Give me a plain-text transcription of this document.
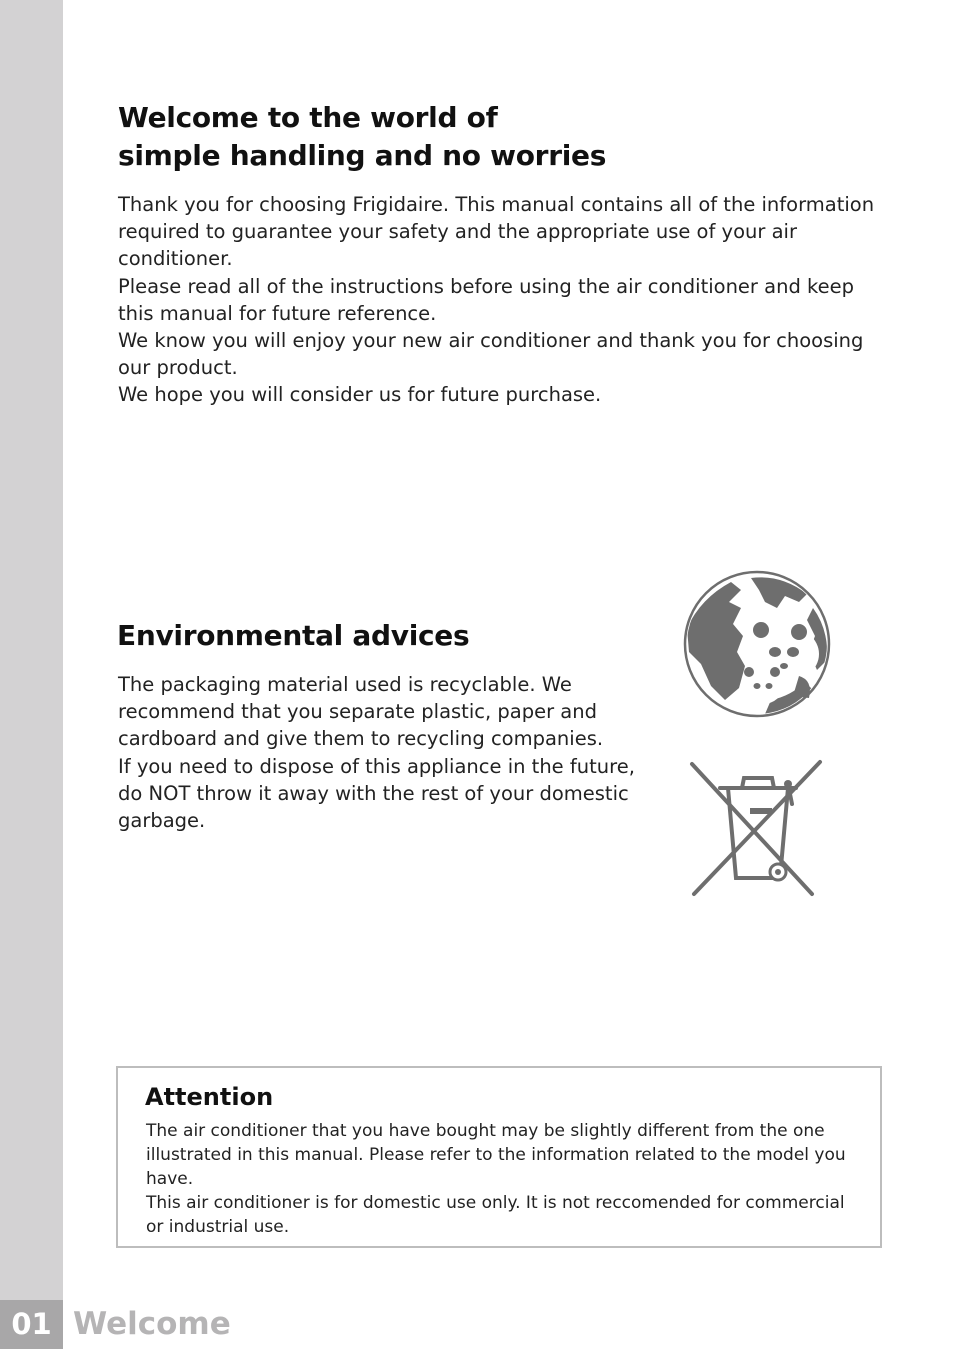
Welcome to the world of
simple handling and no worries

Thank you for choosing Frigidaire. This manual contains all of the information required to guarantee your safety and the appropriate use of your air conditioner.

Please read all of the instructions before using the air conditioner and keep this manual for future reference.

We know you will enjoy your new air conditioner and thank you for choosing our product.

We hope you will consider us for future purchase.

Environmental advices

The packaging material used is recyclable. We recommend that you separate plastic, paper and cardboard and give them to recycling companies.

If you need to dispose of this appliance in the future, do NOT throw it away with the rest of your domestic garbage.

Attention

The air conditioner that you have bought may be slightly different from the one illustrated in this manual. Please refer to the information related to the model you have.

This air conditioner is for domestic use only. It is not reccomended for commercial or industrial use.

01 Welcome
